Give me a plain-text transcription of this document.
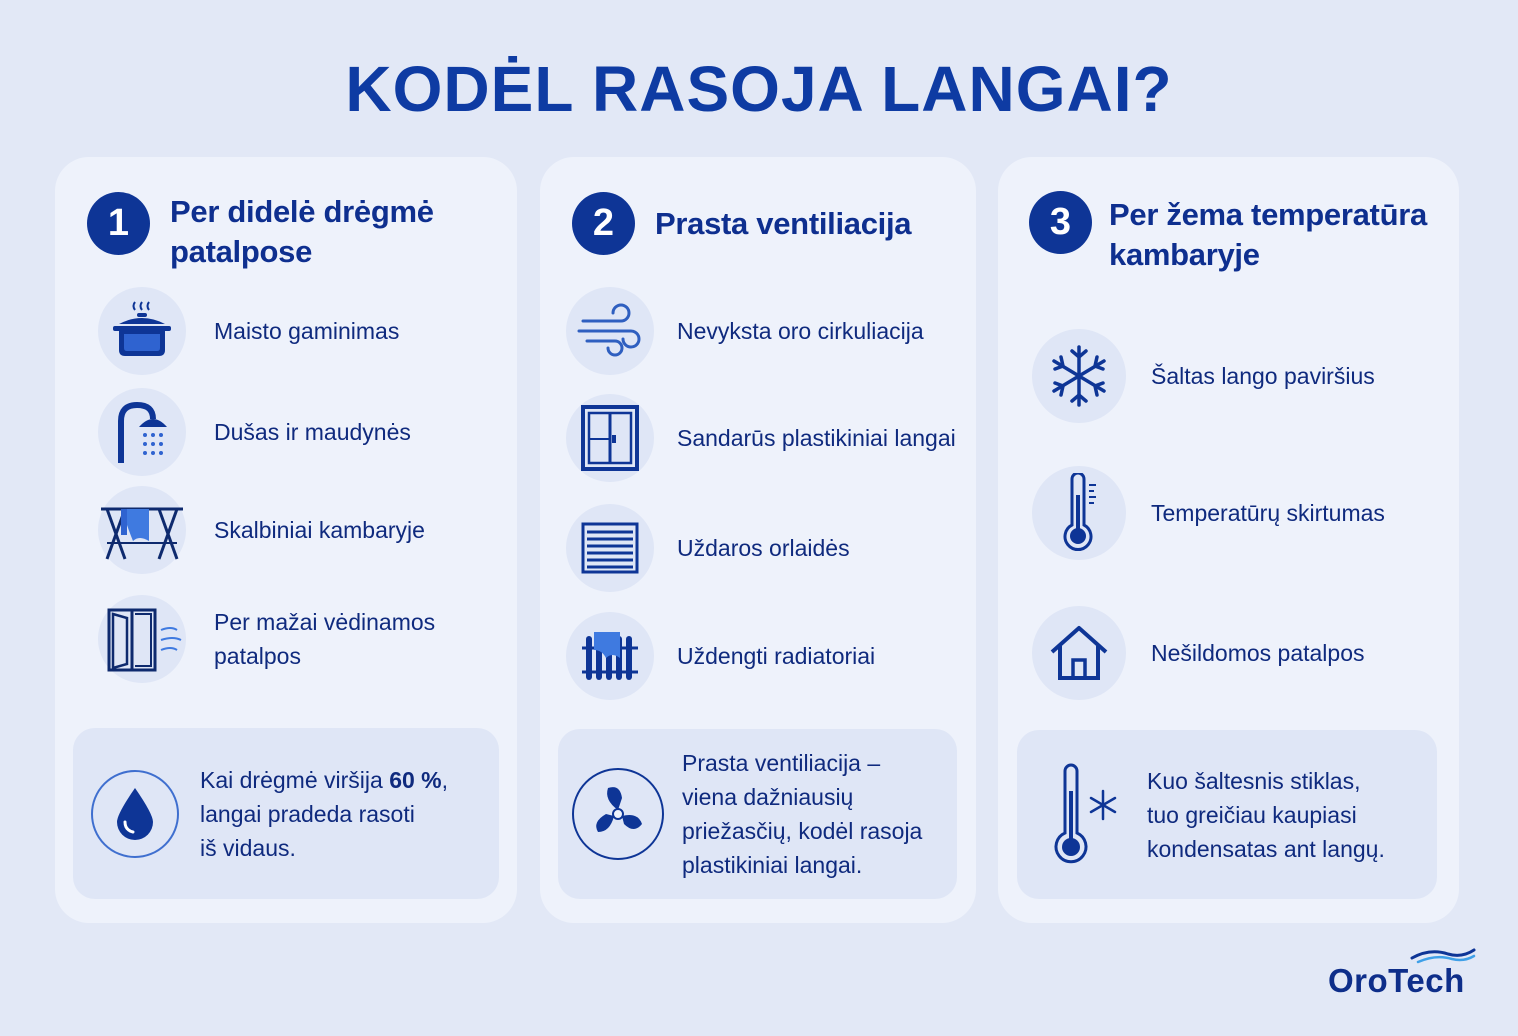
KODĖL RASOJA LANGAI?
1	Per didelė drėgmė
patalpose
Maisto gaminimas
Dušas ir maudynės
Skalbiniai kambaryje
Per mažai vėdinamos
patalpos
Kai drėgmė viršija 60 %,
langai pradeda rasoti
iš vidaus.
2	Prasta ventiliacija
Nevyksta oro cirkuliacija
Sandarūs plastikiniai langai
Uždaros orlaidės
Uždengti radiatoriai
Prasta ventiliacija –
viena dažniausių
priežasčių, kodėl rasoja
plastikiniai langai.
3	Per žema temperatūra
kambaryje
Šaltas lango paviršius
Temperatūrų skirtumas
Nešildomos patalpos
Kuo šaltesnis stiklas,
tuo greičiau kaupiasi
kondensatas ant langų.
OroTech
